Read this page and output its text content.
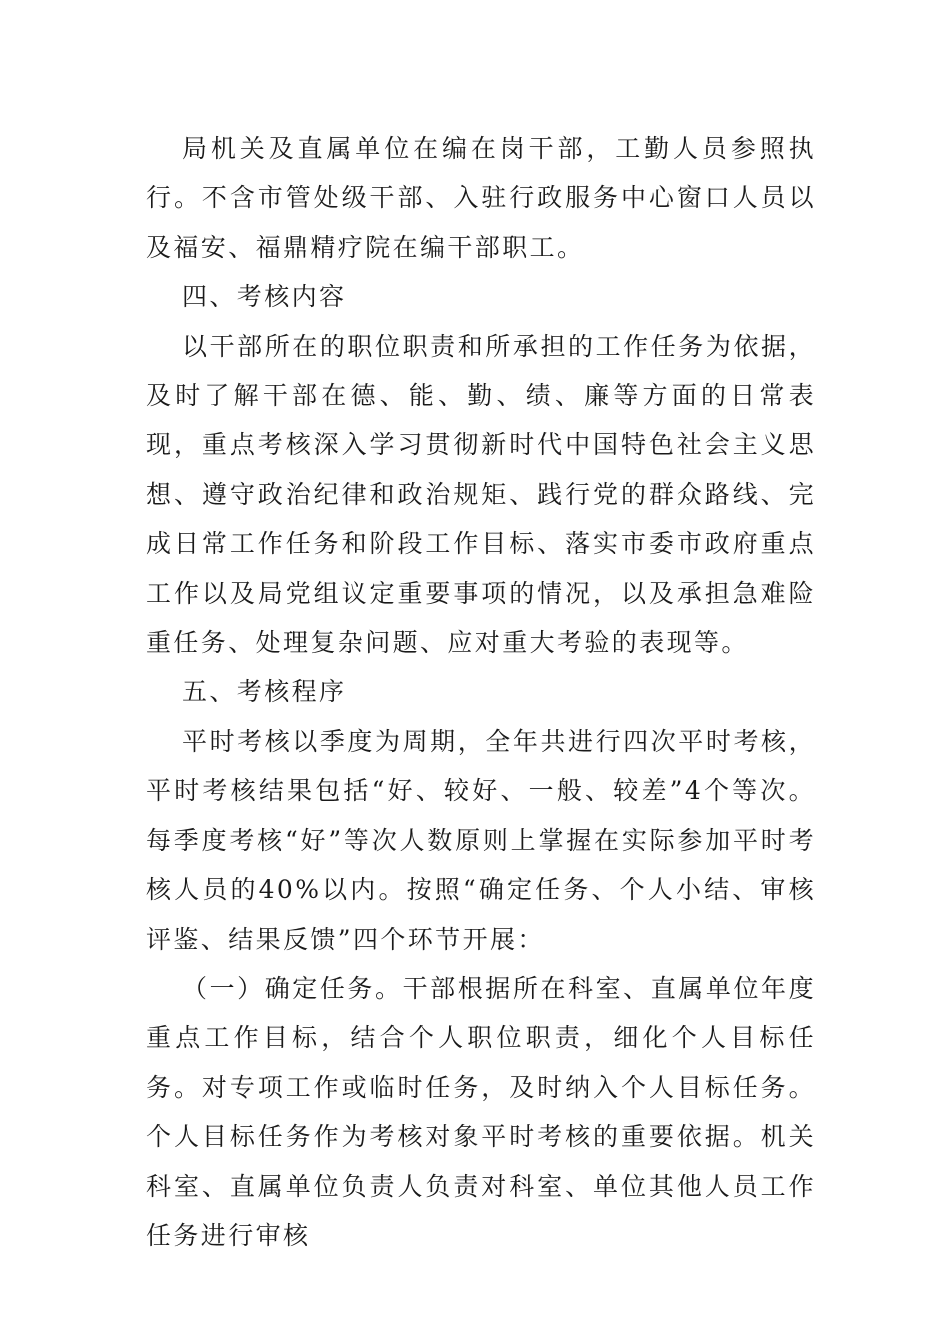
局机关及直属单位在编在岗干部，工勤人员参照执行。不含市管处级干部、入驻行政服务中心窗口人员以及福安、福鼎精疗院在编干部职工。

四、考核内容

以干部所在的职位职责和所承担的工作任务为依据，及时了解干部在德、能、勤、绩、廉等方面的日常表现，重点考核深入学习贯彻新时代中国特色社会主义思想、遵守政治纪律和政治规矩、践行党的群众路线、完成日常工作任务和阶段工作目标、落实市委市政府重点工作以及局党组议定重要事项的情况，以及承担急难险重任务、处理复杂问题、应对重大考验的表现等。

五、考核程序

平时考核以季度为周期，全年共进行四次平时考核，平时考核结果包括“好、较好、一般、较差”4个等次。每季度考核“好”等次人数原则上掌握在实际参加平时考核人员的40%以内。按照“确定任务、个人小结、审核评鉴、结果反馈”四个环节开展：

（一）确定任务。干部根据所在科室、直属单位年度重点工作目标，结合个人职位职责，细化个人目标任务。对专项工作或临时任务，及时纳入个人目标任务。个人目标任务作为考核对象平时考核的重要依据。机关科室、直属单位负责人负责对科室、单位其他人员工作任务进行审核
